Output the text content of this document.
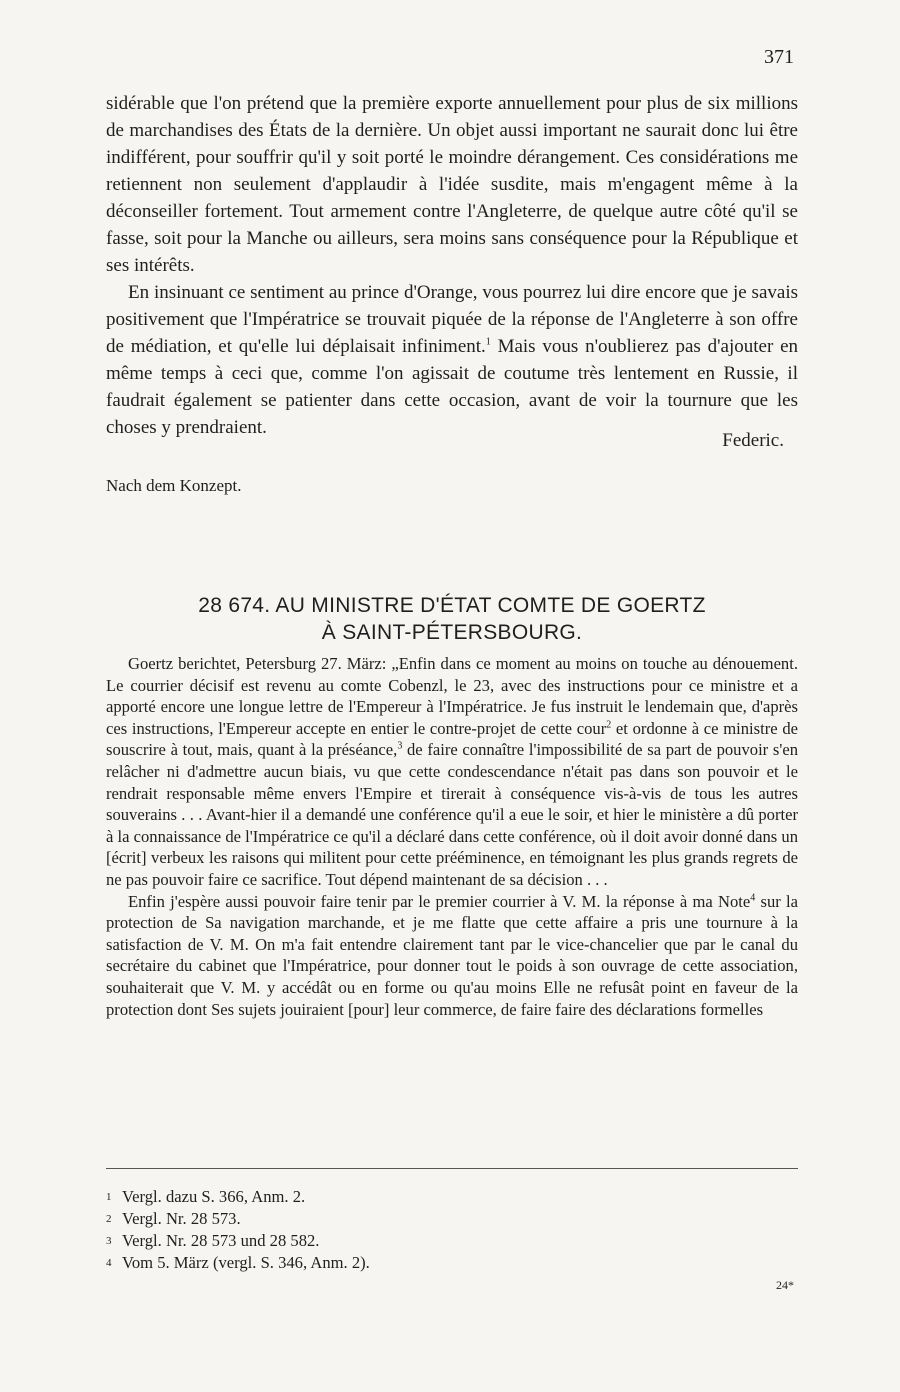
371

sidérable que l'on prétend que la première exporte annuellement pour plus de six millions de marchandises des États de la dernière. Un objet aussi important ne saurait donc lui être indifférent, pour souffrir qu'il y soit porté le moindre dérangement. Ces considérations me retiennent non seulement d'applaudir à l'idée susdite, mais m'engagent même à la déconseiller fortement. Tout armement contre l'Angleterre, de quelque autre côté qu'il se fasse, soit pour la Manche ou ailleurs, sera moins sans conséquence pour la République et ses intérêts.

En insinuant ce sentiment au prince d'Orange, vous pourrez lui dire encore que je savais positivement que l'Impératrice se trouvait piquée de la réponse de l'Angleterre à son offre de médiation, et qu'elle lui déplaisait infiniment.$^1$ Mais vous n'oublierez pas d'ajouter en même temps à ceci que, comme l'on agissait de coutume très lentement en Russie, il faudrait également se patienter dans cette occasion, avant de voir la tournure que les choses y prendraient.

Federic.
Nach dem Konzept.
28 674. AU MINISTRE D'ÉTAT COMTE DE GOERTZ
À SAINT-PÉTERSBOURG.

Goertz berichtet, Petersburg 27. März: „Enfin dans ce moment au moins on touche au dénouement. Le courrier décisif est revenu au comte Cobenzl, le 23, avec des instructions pour ce ministre et a apporté encore une longue lettre de l'Empereur à l'Impératrice. Je fus instruit le lendemain que, d'après ces instructions, l'Empereur accepte en entier le contre-projet de cette cour$^2$ et ordonne à ce ministre de souscrire à tout, mais, quant à la préséance,$^3$ de faire connaître l'impossibilité de sa part de pouvoir s'en relâcher ni d'admettre aucun biais, vu que cette condescendance n'était pas dans son pouvoir et le rendrait responsable même envers l'Empire et tirerait à conséquence vis-à-vis de tous les autres souverains . . . Avant-hier il a demandé une conférence qu'il a eue le soir, et hier le ministère a dû porter à la connaissance de l'Impératrice ce qu'il a déclaré dans cette conférence, où il doit avoir donné dans un [écrit] verbeux les raisons qui militent pour cette prééminence, en témoignant les plus grands regrets de ne pas pouvoir faire ce sacrifice. Tout dépend maintenant de sa décision . . .

Enfin j'espère aussi pouvoir faire tenir par le premier courrier à V. M. la réponse à ma Note$^4$ sur la protection de Sa navigation marchande, et je me flatte que cette affaire a pris une tournure à la satisfaction de V. M. On m'a fait entendre clairement tant par le vice-chancelier que par le canal du secrétaire du cabinet que l'Impératrice, pour donner tout le poids à son ouvrage de cette association, souhaiterait que V. M. y accédât ou en forme ou qu'au moins Elle ne refusât point en faveur de la protection dont Ses sujets jouiraient [pour] leur commerce, de faire faire des déclarations formelles

1 Vergl. dazu S. 366, Anm. 2.
2 Vergl. Nr. 28 573.
3 Vergl. Nr. 28 573 und 28 582.
4 Vom 5. März (vergl. S. 346, Anm. 2).
24*
